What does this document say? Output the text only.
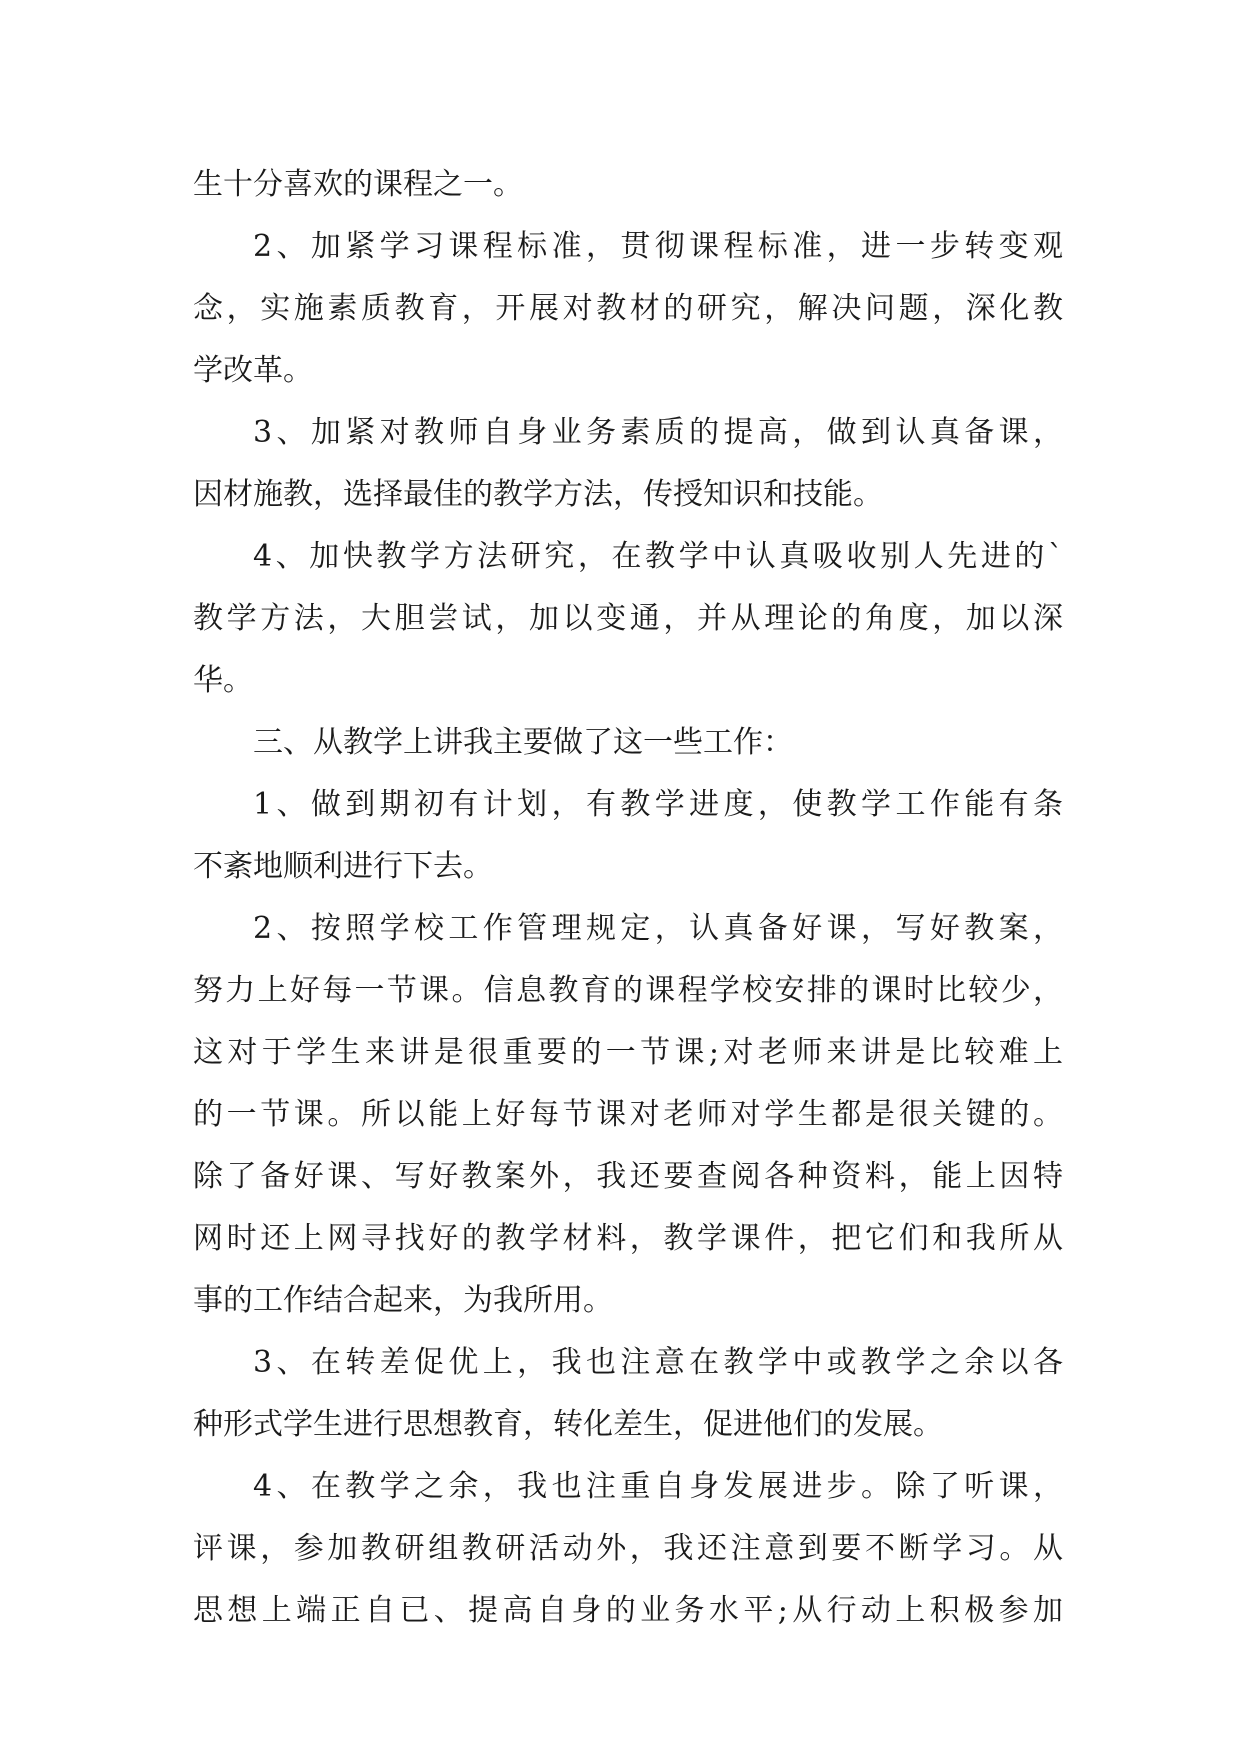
生十分喜欢的课程之一。
2、加紧学习课程标准，贯彻课程标准，进一步转变观
念，实施素质教育，开展对教材的研究，解决问题，深化教
学改革。
3、加紧对教师自身业务素质的提高，做到认真备课，
因材施教，选择最佳的教学方法，传授知识和技能。
4、加快教学方法研究，在教学中认真吸收别人先进的`
教学方法，大胆尝试，加以变通，并从理论的角度，加以深
华。
三、从教学上讲我主要做了这一些工作：
1、做到期初有计划，有教学进度，使教学工作能有条
不紊地顺利进行下去。
2、按照学校工作管理规定，认真备好课，写好教案，
努力上好每一节课。信息教育的课程学校安排的课时比较少，
这对于学生来讲是很重要的一节课;对老师来讲是比较难上
的一节课。所以能上好每节课对老师对学生都是很关键的。
除了备好课、写好教案外，我还要查阅各种资料，能上因特
网时还上网寻找好的教学材料，教学课件，把它们和我所从
事的工作结合起来，为我所用。
3、在转差促优上，我也注意在教学中或教学之余以各
种形式学生进行思想教育，转化差生，促进他们的发展。
4、在教学之余，我也注重自身发展进步。除了听课，
评课，参加教研组教研活动外，我还注意到要不断学习。从
思想上端正自已、提高自身的业务水平;从行动上积极参加
